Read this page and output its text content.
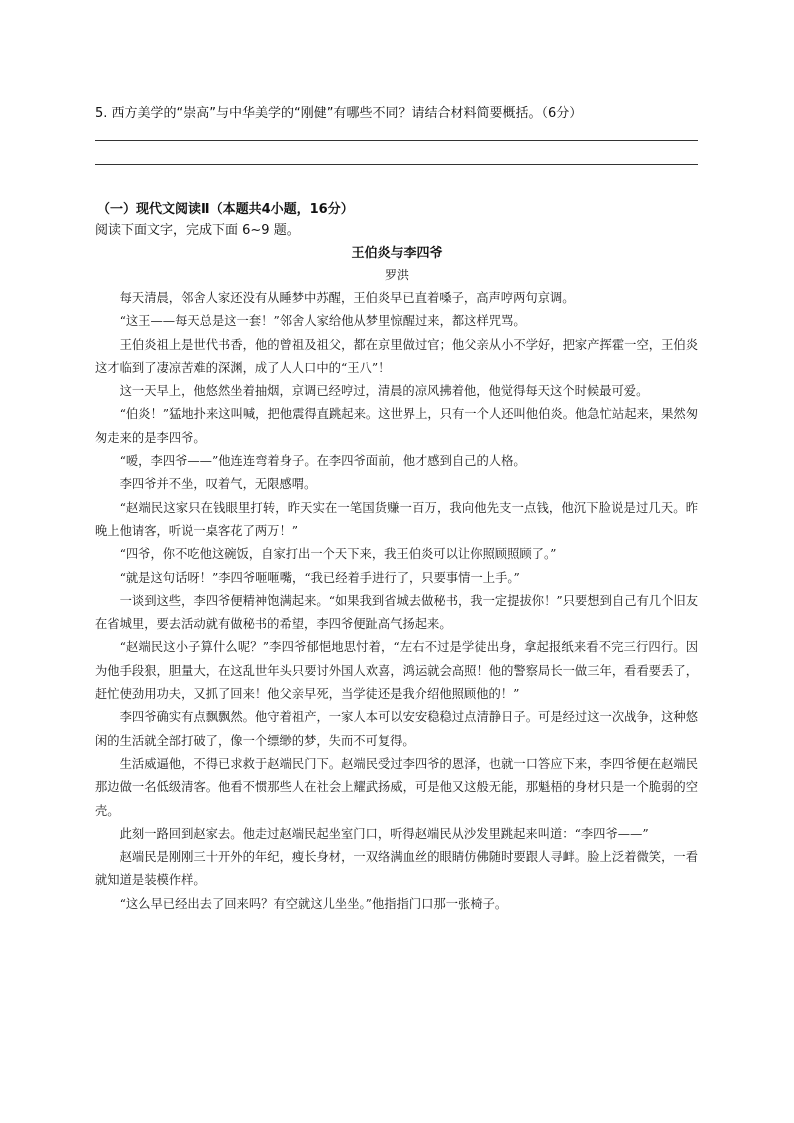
5. 西方美学的“崇高”与中华美学的“刚健”有哪些不同？请结合材料简要概括。（6分）
（一）现代文阅读Ⅱ（本题共4小题，16分）
阅读下面文字，完成下面 6~9 题。
王伯炎与李四爷
罗洪

每天清晨，邻舍人家还没有从睡梦中苏醒，王伯炎早已直着嗓子，高声哼两句京调。

“这王——每天总是这一套！”邻舍人家给他从梦里惊醒过来，都这样咒骂。

王伯炎祖上是世代书香，他的曾祖及祖父，都在京里做过官；他父亲从小不学好，把家产挥霍一空，王伯炎这才临到了凄凉苦难的深渊，成了人人口中的“王八”！

这一天早上，他悠然坐着抽烟，京调已经哼过，清晨的凉风拂着他，他觉得每天这个时候最可爱。

“伯炎！”猛地扑来这叫喊，把他震得直跳起来。这世界上，只有一个人还叫他伯炎。他急忙站起来，果然匆匆走来的是李四爷。

“嗳，李四爷——”他连连弯着身子。在李四爷面前，他才感到自己的人格。

李四爷并不坐，叹着气，无限感喟。

“赵端民这家只在钱眼里打转，昨天实在一笔国货赚一百万，我向他先支一点钱，他沉下脸说是过几天。昨晚上他请客，听说一桌客花了两万！”

“四爷，你不吃他这碗饭，自家打出一个天下来，我王伯炎可以让你照顾照顾了。”

“就是这句话呀！”李四爷咂咂嘴，“我已经着手进行了，只要事情一上手。”

一谈到这些，李四爷便精神饱满起来。“如果我到省城去做秘书，我一定提拔你！”只要想到自己有几个旧友在省城里，要去活动就有做秘书的希望，李四爷便趾高气扬起来。

“赵端民这小子算什么呢？”李四爷郁悒地思忖着，“左右不过是学徒出身，拿起报纸来看不完三行四行。因为他手段狠，胆量大，在这乱世年头只要讨外国人欢喜，鸿运就会高照！他的警察局长一做三年，看看要丢了，赶忙使劲用功夫，又抓了回来！他父亲早死，当学徒还是我介绍他照顾他的！”

李四爷确实有点飘飘然。他守着祖产，一家人本可以安安稳稳过点清静日子。可是经过这一次战争，这种悠闲的生活就全部打破了，像一个缥缈的梦，失而不可复得。

生活威逼他，不得已求救于赵端民门下。赵端民受过李四爷的恩泽，也就一口答应下来，李四爷便在赵端民那边做一名低级清客。他看不惯那些人在社会上耀武扬威，可是他又这般无能，那魁梧的身材只是一个脆弱的空壳。

此刻一路回到赵家去。他走过赵端民起坐室门口，听得赵端民从沙发里跳起来叫道：“李四爷——”

赵端民是刚刚三十开外的年纪，瘦长身材，一双络满血丝的眼睛仿佛随时要跟人寻衅。脸上泛着微笑，一看就知道是装模作样。

“这么早已经出去了回来吗？有空就这儿坐坐。”他指指门口那一张椅子。
